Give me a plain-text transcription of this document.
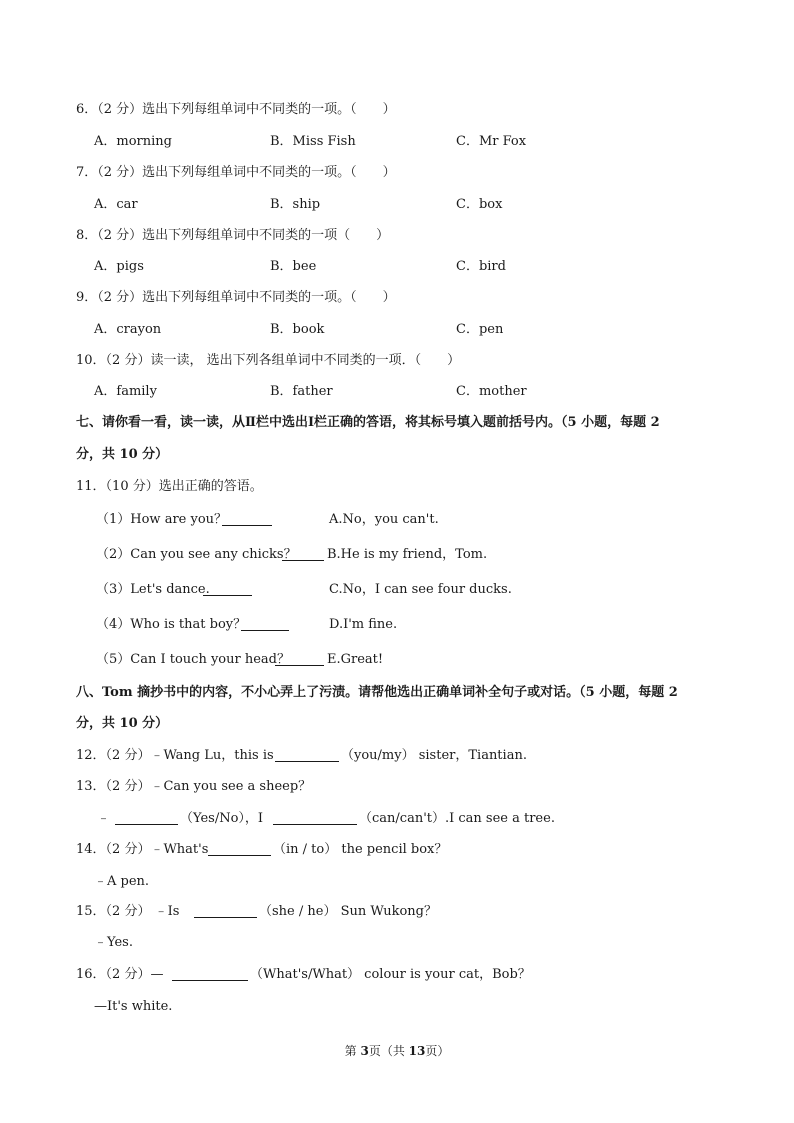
6．（2 分）选出下列每组单词中不同类的一项。（　　）
A．morning	B．Miss Fish	C．Mr Fox
7．（2 分）选出下列每组单词中不同类的一项。（　　）
A．car	B．ship	C．box
8．（2 分）选出下列每组单词中不同类的一项（　　）
A．pigs	B．bee	C．bird
9．（2 分）选出下列每组单词中不同类的一项。（　　）
A．crayon	B．book	C．pen
10．（2 分）读一读， 选出下列各组单词中不同类的一项．（　　）
A．family	B．father	C．mother
七、请你看一看，读一读，从Ⅱ栏中选出Ⅰ栏正确的答语，将其标号填入题前括号内。（5 小题，每题 2
分，共 10 分）
11．（10 分）选出正确的答语。
（1）How are you？	A.No，you can't.
（2）Can you see any chicks？ B.He is my friend，Tom.
（3）Let's dance.	C.No，I can see four ducks.
（4）Who is that boy？	D.I'm fine.
（5）Can I touch your head？	E.Great!
八、Tom 摘抄书中的内容，不小心弄上了污渍。请帮他选出正确单词补全句子或对话。（5 小题，每题 2
分，共 10 分）
12．（2 分）﹣Wang Lu，this is	（you/my） sister，Tiantian.
13．（2 分）﹣Can you see a sheep？
﹣	（Yes/No），I	（can/can't）.I can see a tree.
14．（2 分）﹣What's	（in / to） the pencil box？
﹣A pen.
15．（2 分） ﹣Is	（she / he） Sun Wukong？
﹣Yes.
16．（2 分）—	（What's/What） colour is your cat，Bob？
—It's white.
第 3页（共 13页）
